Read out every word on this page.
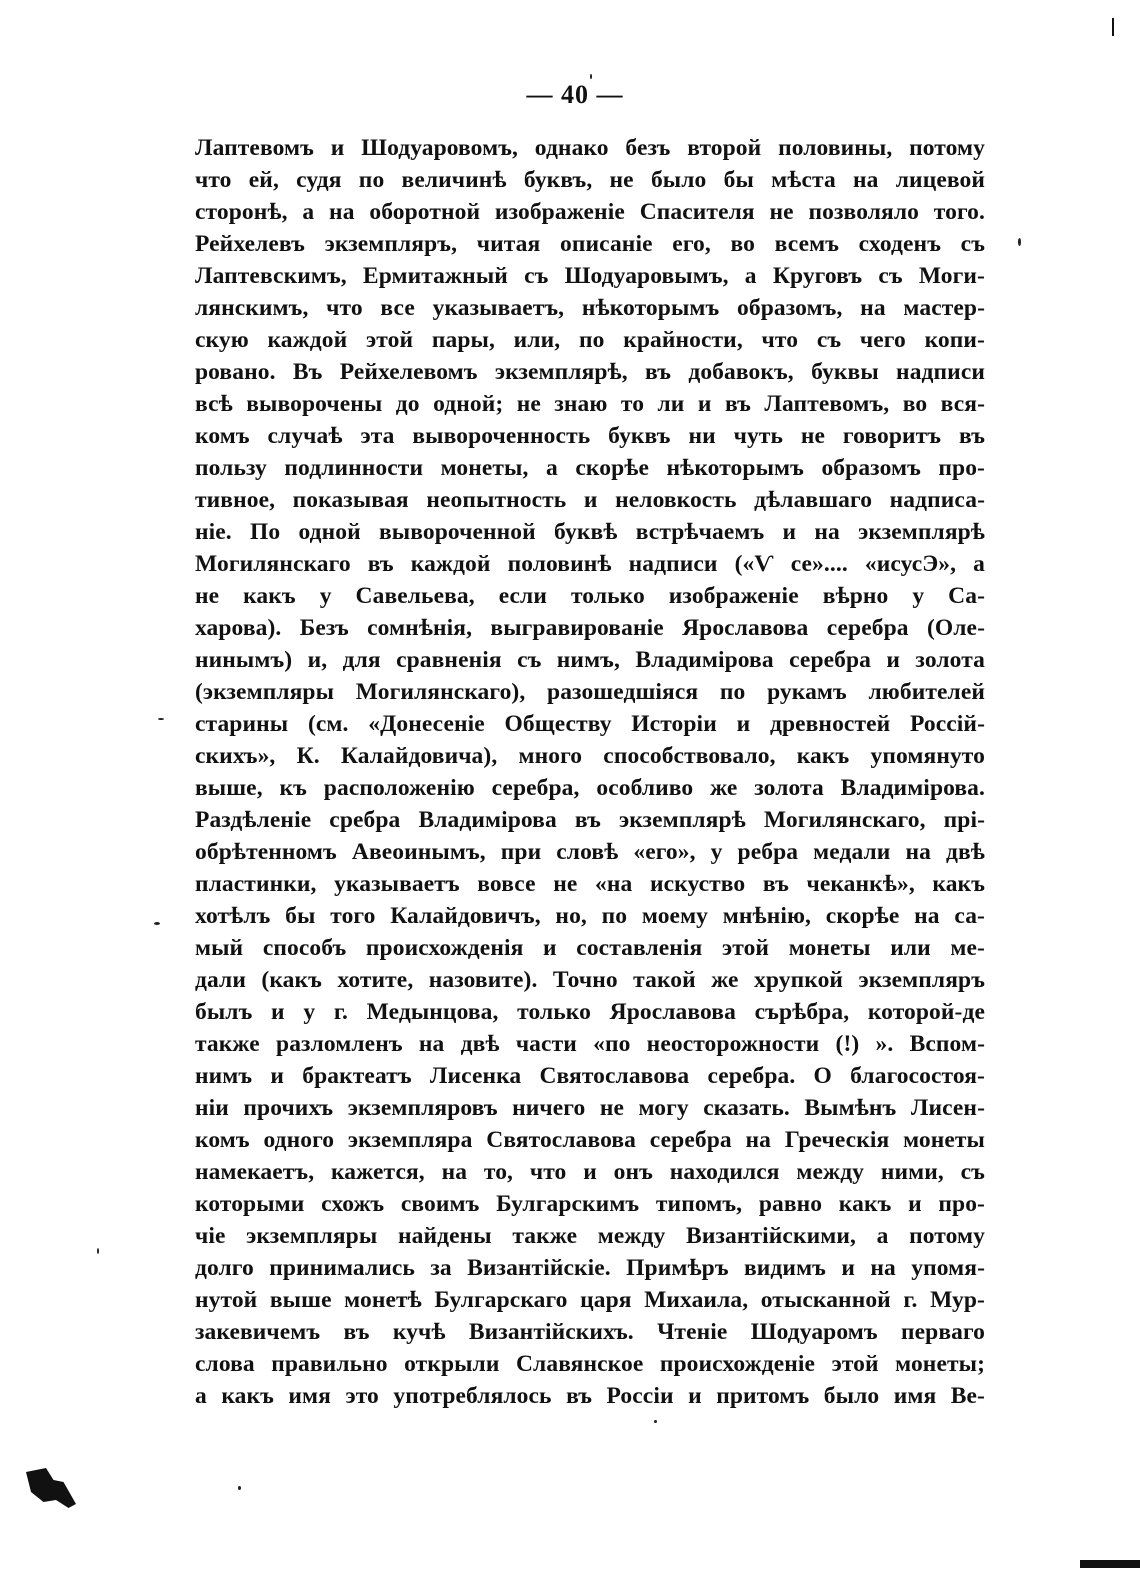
— 40 —
Лаптевомъ и Шодуаровомъ, однако безъ второй половины, потому
что ей, судя по величинѣ буквъ, не было бы мѣста на лицевой
сторонѣ, а на оборотной изображеніе Спасителя не позволяло того.
Рейхелевъ экземпляръ, читая описаніе его, во всемъ сходенъ съ
Лаптевскимъ, Ермитажный съ Шодуаровымъ, а Круговъ съ Моги-
лянскимъ, что все указываетъ, нѣкоторымъ образомъ, на мастер-
скую каждой этой пары, или, по крайности, что съ чего копи-
ровано. Въ Рейхелевомъ экземплярѣ, въ добавокъ, буквы надписи
всѣ выворочены до одной; не знаю то ли и въ Лаптевомъ, во вся-
комъ случаѣ эта вывороченность буквъ ни чуть не говоритъ въ
пользу подлинности монеты, а скорѣе нѣкоторымъ образомъ про-
тивное, показывая неопытность и неловкость дѣлавшаго надписа-
ніе. По одной вывороченной буквѣ встрѣчаемъ и на экземплярѣ
Могилянскаго въ каждой половинѣ надписи («Ѵ се».... «исусЭ», а
не какъ у Савельева, если только изображеніе вѣрно у Са-
харова). Безъ сомнѣнія, выгравированіе Ярославова серебра (Оле-
нинымъ) и, для сравненія съ нимъ, Владимірова серебра и золота
(экземпляры Могилянскаго), разошедшіяся по рукамъ любителей
старины (см. «Донесеніе Обществу Исторіи и древностей Россій-
скихъ», К. Калайдовича), много способствовало, какъ упомянуто
выше, къ расположенію серебра, особливо же золота Владимірова.
Раздѣленіе сребра Владимірова въ экземплярѣ Могилянскаго, прі-
обрѣтенномъ Авеоинымъ, при словѣ «его», у ребра медали на двѣ
пластинки, указываетъ вовсе не «на искуство въ чеканкѣ», какъ
хотѣлъ бы того Калайдовичъ, но, по моему мнѣнію, скорѣе на са-
мый способъ происхожденія и составленія этой монеты или ме-
дали (какъ хотите, назовите). Точно такой же хрупкой экземпляръ
былъ и у г. Медынцова, только Ярославова сърѣбра, которой-де
также разломленъ на двѣ части «по неосторожности (!) ». Вспом-
нимъ и брактеатъ Лисенка Святославова серебра. О благосостоя-
ніи прочихъ экземпляровъ ничего не могу сказать. Вымѣнъ Лисен-
комъ одного экземпляра Святославова серебра на Греческія монеты
намекаетъ, кажется, на то, что и онъ находился между ними, съ
которыми схожъ своимъ Булгарскимъ типомъ, равно какъ и про-
чіе экземпляры найдены также между Византійскими, а потому
долго принимались за Византійскіе. Примѣръ видимъ и на упомя-
нутой выше монетѣ Булгарскаго царя Михаила, отысканной г. Мур-
закевичемъ въ кучѣ Византійскихъ. Чтеніе Шодуаромъ перваго
слова правильно открыли Славянское происхожденіе этой монеты;
а какъ имя это употреблялось въ Россіи и притомъ было имя Ве-
